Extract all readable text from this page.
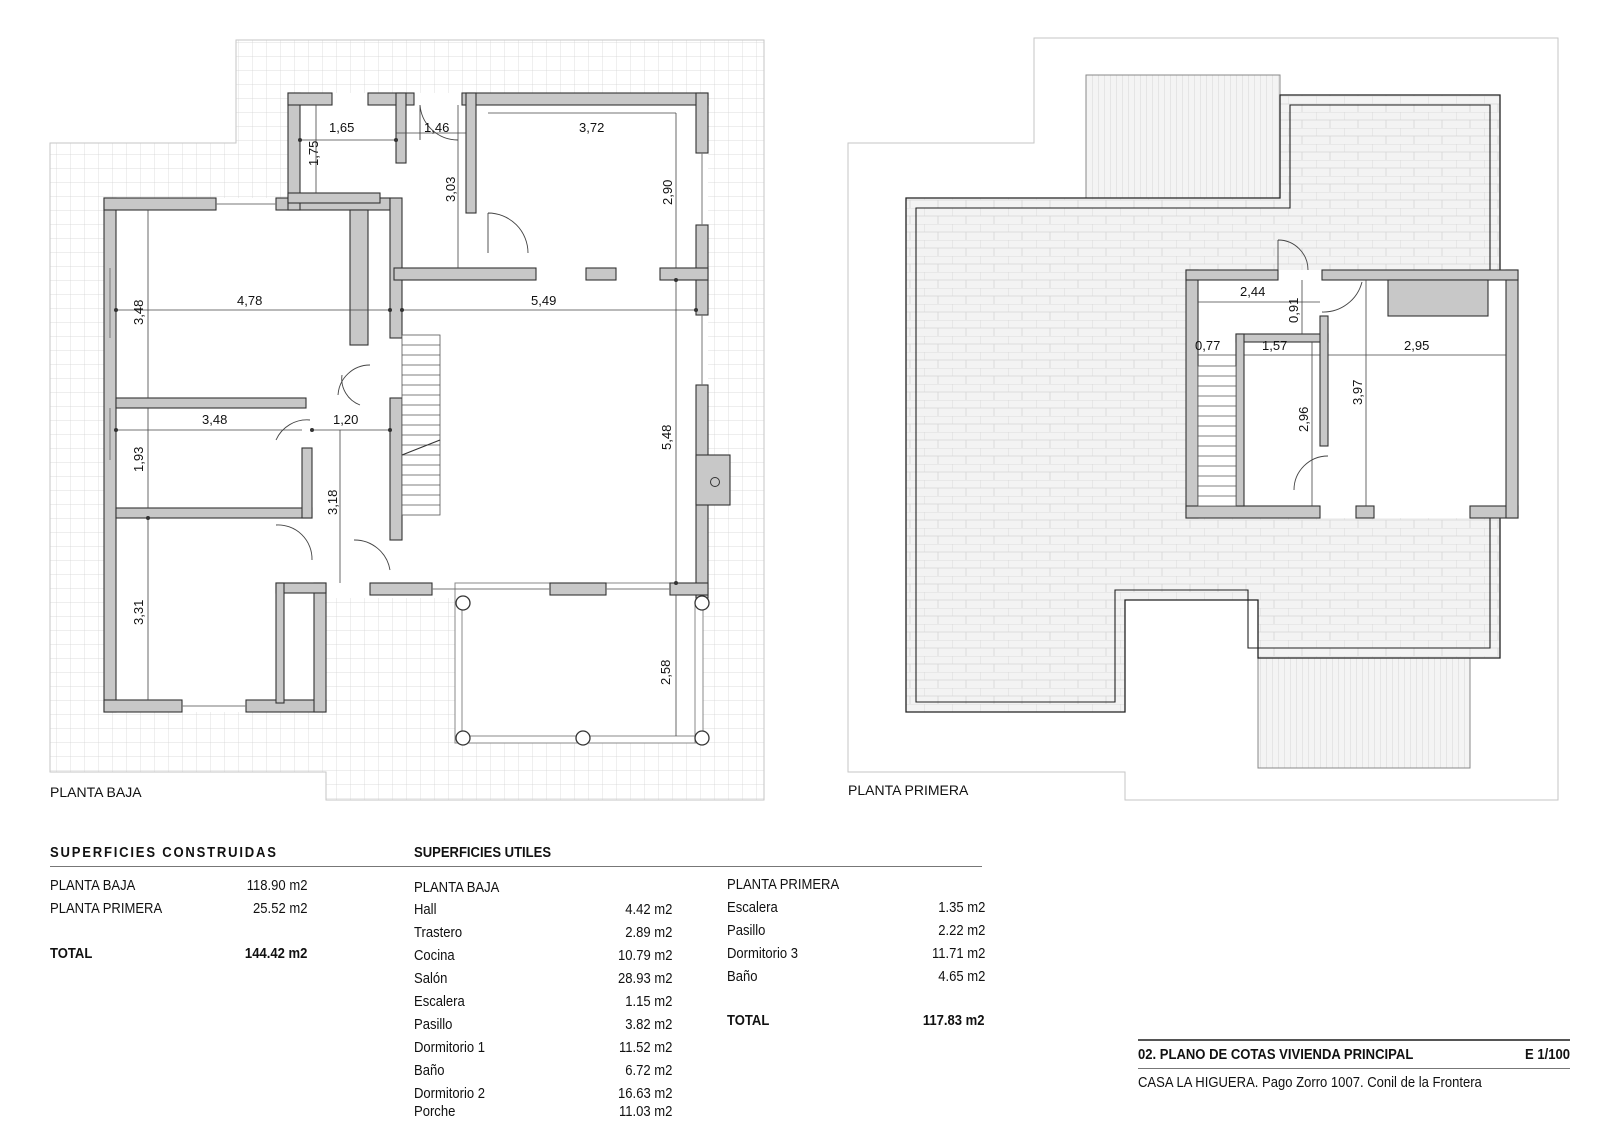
1,65
1,75
1,46	3,72
3,03	2,90
3,48	4,78	5,49
3,48	1,20
1,93
5,48
3,18
3,31
2,58
PLANTA BAJA
2,44
0,91
0,77	1,57	2,95
3,97
2,96
PLANTA PRIMERA
SUPERFICIES CONSTRUIDAS	SUPERFICIES UTILES
PLANTA BAJA	118.90 m2
PLANTA PRIMERA	25.52 m2
TOTAL	144.42 m2
PLANTA BAJA
Hall	4.42 m2
Trastero	2.89 m2
Cocina	10.79 m2
Salón	28.93 m2
Escalera	1.15 m2
Pasillo	3.82 m2
Dormitorio 1	11.52 m2
Baño	6.72 m2
Dormitorio 2	16.63 m2
Porche	11.03 m2
PLANTA PRIMERA
Escalera	1.35 m2
Pasillo	2.22 m2
Dormitorio 3	11.71 m2
Baño	4.65 m2
TOTAL	117.83 m2
02. PLANO DE COTAS VIVIENDA PRINCIPAL	E 1/100
CASA LA HIGUERA. Pago Zorro 1007. Conil de la Frontera
